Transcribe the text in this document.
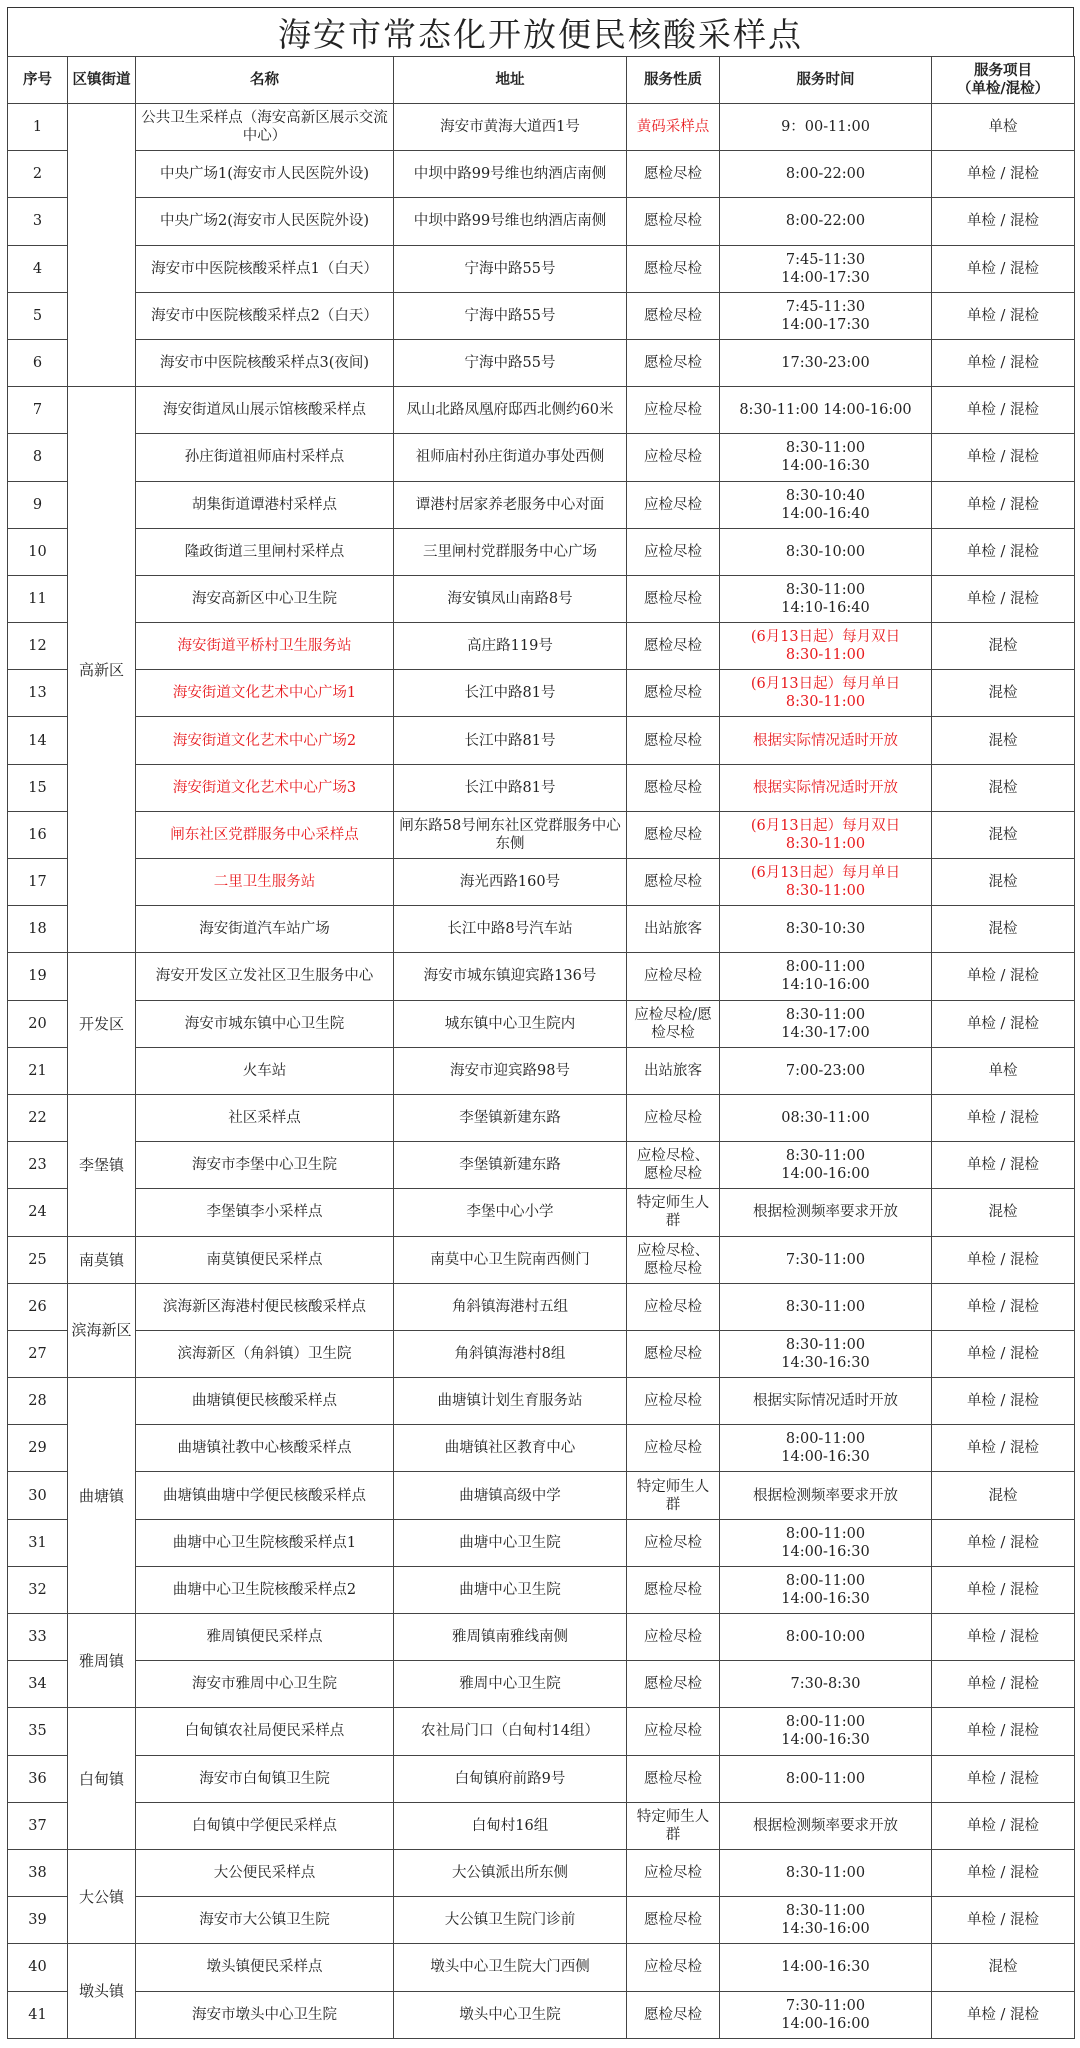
海安市常态化开放便民核酸采样点
序号	区镇街道	名称	地址	服务性质	服务时间	服务项目
（单检/混检）

1		公共卫生采样点（海安高新区展示交流中心）	海安市黄海大道西1号	黄码采样点	9：00-11:00	单检

2		中央广场1(海安市人民医院外设)	中坝中路99号维也纳酒店南侧	愿检尽检	8:00-22:00	单检 / 混检

3		中央广场2(海安市人民医院外设)	中坝中路99号维也纳酒店南侧	愿检尽检	8:00-22:00	单检 / 混检

4		海安市中医院核酸采样点1（白天）	宁海中路55号	愿检尽检	7:45-11:30
14:00-17:30	单检 / 混检

5		海安市中医院核酸采样点2（白天）	宁海中路55号	愿检尽检	7:45-11:30
14:00-17:30	单检 / 混检

6		海安市中医院核酸采样点3(夜间)	宁海中路55号	愿检尽检	17:30-23:00	单检 / 混检

7	高新区	海安街道凤山展示馆核酸采样点	凤山北路凤凰府邸西北侧约60米	应检尽检	8:30-11:00 14:00-16:00	单检 / 混检

8		孙庄街道祖师庙村采样点	祖师庙村孙庄街道办事处西侧	应检尽检	8:30-11:00
14:00-16:30	单检 / 混检

9		胡集街道谭港村采样点	谭港村居家养老服务中心对面	应检尽检	8:30-10:40
14:00-16:40	单检 / 混检

10		隆政街道三里闸村采样点	三里闸村党群服务中心广场	应检尽检	8:30-10:00	单检 / 混检

11		海安高新区中心卫生院	海安镇凤山南路8号	愿检尽检	8:30-11:00
14:10-16:40	单检 / 混检

12		海安街道平桥村卫生服务站	高庄路119号	愿检尽检	(6月13日起）每月双日
8:30-11:00	混检

13		海安街道文化艺术中心广场1	长江中路81号	愿检尽检	(6月13日起）每月单日
8:30-11:00	混检

14		海安街道文化艺术中心广场2	长江中路81号	愿检尽检	根据实际情况适时开放	混检

15		海安街道文化艺术中心广场3	长江中路81号	愿检尽检	根据实际情况适时开放	混检

16		闸东社区党群服务中心采样点	闸东路58号闸东社区党群服务中心东侧	愿检尽检	(6月13日起）每月双日
8:30-11:00	混检

17		二里卫生服务站	海光西路160号	愿检尽检	(6月13日起）每月单日
8:30-11:00	混检

18		海安街道汽车站广场	长江中路8号汽车站	出站旅客	8:30-10:30	混检

19	开发区	海安开发区立发社区卫生服务中心	海安市城东镇迎宾路136号	应检尽检	8:00-11:00
14:10-16:00	单检 / 混检

20		海安市城东镇中心卫生院	城东镇中心卫生院内	应检尽检/愿检尽检	8:30-11:00
14:30-17:00	单检 / 混检

21		火车站	海安市迎宾路98号	出站旅客	7:00-23:00	单检

22	李堡镇	社区采样点	李堡镇新建东路	应检尽检	08:30-11:00	单检 / 混检

23		海安市李堡中心卫生院	李堡镇新建东路	应检尽检、愿检尽检	8:30-11:00
14:00-16:00	单检 / 混检

24		李堡镇李小采样点	李堡中心小学	特定师生人群	根据检测频率要求开放	混检

25	南莫镇	南莫镇便民采样点	南莫中心卫生院南西侧门	应检尽检、愿检尽检	7:30-11:00	单检 / 混检

26	滨海新区	滨海新区海港村便民核酸采样点	角斜镇海港村五组	应检尽检	8:30-11:00	单检 / 混检

27		滨海新区（角斜镇）卫生院	角斜镇海港村8组	愿检尽检	8:30-11:00
14:30-16:30	单检 / 混检

28	曲塘镇	曲塘镇便民核酸采样点	曲塘镇计划生育服务站	应检尽检	根据实际情况适时开放	单检 / 混检

29		曲塘镇社教中心核酸采样点	曲塘镇社区教育中心	应检尽检	8:00-11:00
14:00-16:30	单检 / 混检

30		曲塘镇曲塘中学便民核酸采样点	曲塘镇高级中学	特定师生人群	根据检测频率要求开放	混检

31		曲塘中心卫生院核酸采样点1	曲塘中心卫生院	应检尽检	8:00-11:00
14:00-16:30	单检 / 混检

32		曲塘中心卫生院核酸采样点2	曲塘中心卫生院	愿检尽检	8:00-11:00
14:00-16:30	单检 / 混检

33	雅周镇	雅周镇便民采样点	雅周镇南雅线南侧	应检尽检	8:00-10:00	单检 / 混检

34		海安市雅周中心卫生院	雅周中心卫生院	愿检尽检	7:30-8:30	单检 / 混检

35	白甸镇	白甸镇农社局便民采样点	农社局门口（白甸村14组）	应检尽检	8:00-11:00
14:00-16:30	单检 / 混检

36		海安市白甸镇卫生院	白甸镇府前路9号	愿检尽检	8:00-11:00	单检 / 混检

37		白甸镇中学便民采样点	白甸村16组	特定师生人群	根据检测频率要求开放	单检 / 混检

38	大公镇	大公便民采样点	大公镇派出所东侧	应检尽检	8:30-11:00	单检 / 混检

39		海安市大公镇卫生院	大公镇卫生院门诊前	愿检尽检	8:30-11:00
14:30-16:00	单检 / 混检

40	墩头镇	墩头镇便民采样点	墩头中心卫生院大门西侧	应检尽检	14:00-16:30	混检

41		海安市墩头中心卫生院	墩头中心卫生院	愿检尽检	7:30-11:00
14:00-16:00	单检 / 混检
